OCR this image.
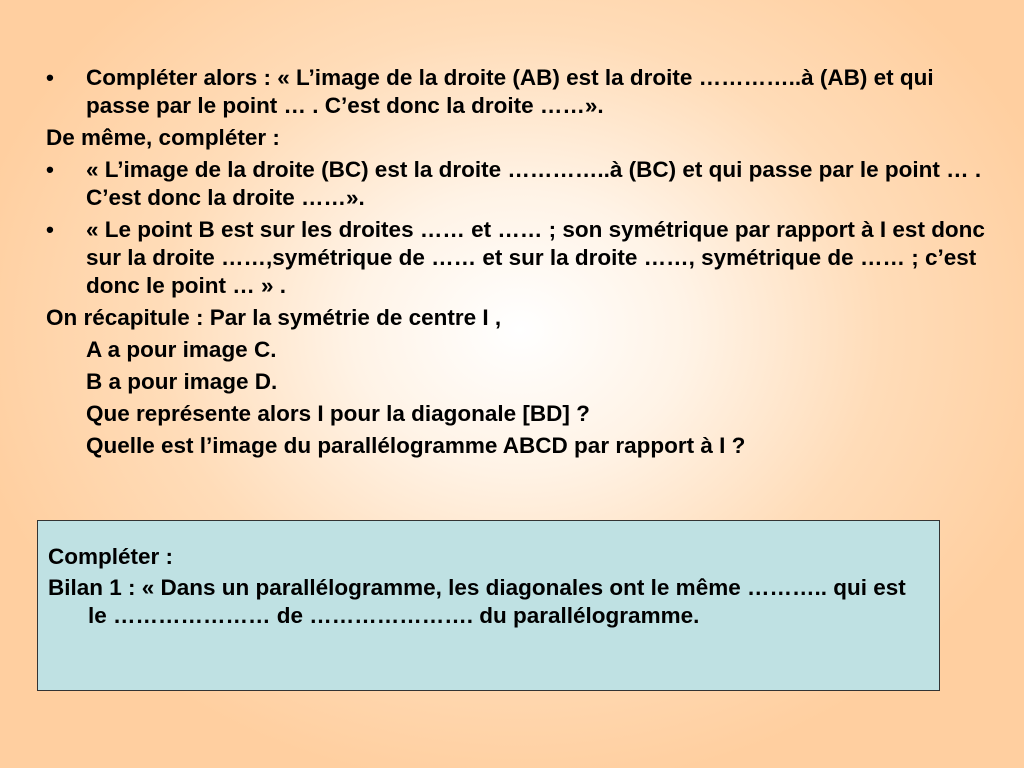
• Compléter alors : « L’image de la droite (AB) est la droite …………..à (AB) et qui passe par le point … . C’est donc la droite ……».
De même, compléter :
• « L’image de la droite (BC) est la droite …………..à (BC) et qui passe par le point … . C’est donc la droite ……».
• « Le point B est sur les droites …… et …… ; son symétrique par rapport à I est donc sur la droite ……,symétrique de …… et sur la droite ……, symétrique de …… ; c’est donc le point … » .
On récapitule : Par la symétrie de centre I ,
A a pour image C.
B a pour image D.
Que représente alors I pour la diagonale [BD] ?
Quelle est l’image du parallélogramme ABCD par rapport à I ?
Compléter :
Bilan 1 : « Dans un parallélogramme, les diagonales ont le même ……….. qui est le ………………… de …………………. du parallélogramme.
